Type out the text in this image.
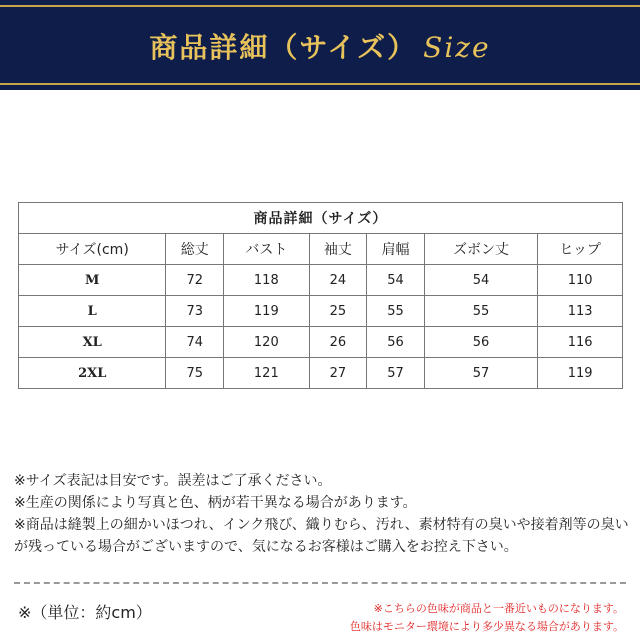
商品詳細（サイズ） Size
商品詳細（サイズ）						
サイズ(cm)	総丈	バスト	袖丈	肩幅	ズボン丈	ヒップ
M	72	118	24	54	54	110
L	73	119	25	55	55	113
XL	74	120	26	56	56	116
2XL	75	121	27	57	57	119

※サイズ表記は目安です。誤差はご了承ください。

※生産の関係により写真と色、柄が若干異なる場合があります。

※商品は縫製上の細かいほつれ、インク飛び、織りむら、汚れ、素材特有の臭いや接着剤等の臭いが残っている場合がございますので、気になるお客様はご購入をお控え下さい。

※（単位：約cm）	※こちらの色味が商品と一番近いものになります。

色味はモニター環境により多少異なる場合があります。
